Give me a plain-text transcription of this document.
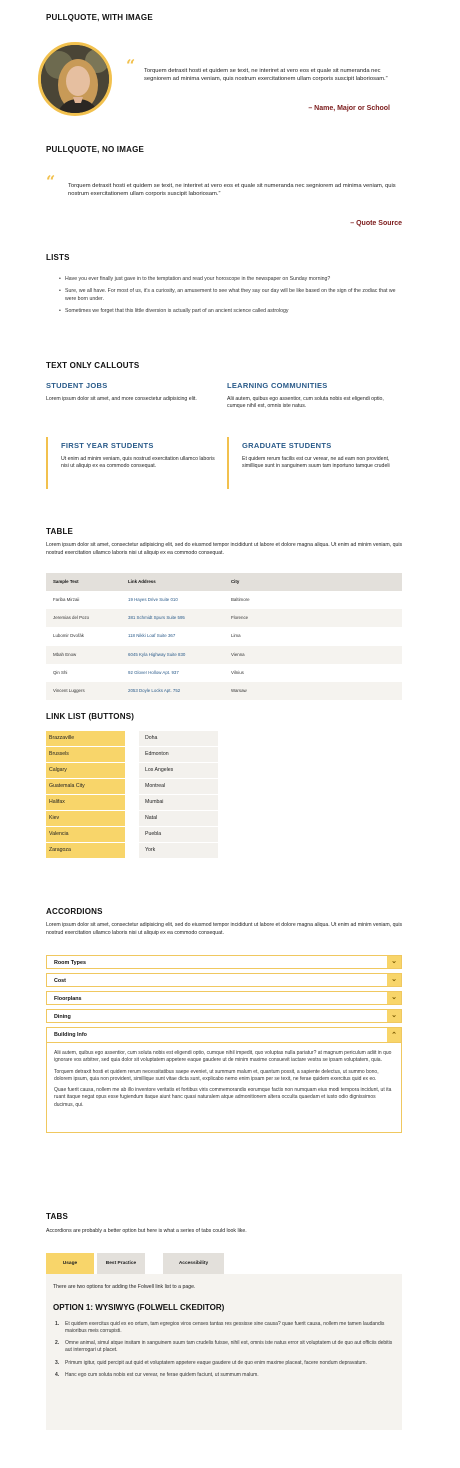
PULLQUOTE, WITH IMAGE
“ Torquem detraxit hosti et quidem se texit, ne interiret at vero eos et quale sit numeranda nec segniorem ad minima veniam, quis nostrum exercitationem ullam corporis suscipit laboriosam.”

– Name, Major or School

PULLQUOTE, NO IMAGE
“ Torquem detraxit hosti et quidem se texit, ne interiret at vero eos et quale sit numeranda nec segniorem ad minima veniam, quis nostrum exercitationem ullam corporis suscipit laboriosam.”

– Quote Source

LISTS
• Have you ever finally just gave in to the temptation and read your horoscope in the newspaper on Sunday morning?
• Sure, we all have. For most of us, it’s a curiosity, an amusement to see what they say our day will be like based on the sign of the zodiac that we were born under.
• Sometimes we forget that this little diversion is actually part of an ancient science called astrology
TEXT ONLY CALLOUTS
STUDENT JOBS
Lorem ipsum dolor sit amet, and more consectetur adipisicing elit.
LEARNING COMMUNITIES
Alii autem, quibus ego assentior, cum soluta nobis est eligendi optio, cumque nihil est, omnis iste natus.
FIRST YEAR STUDENTS
Ut enim ad minim veniam, quis nostrud exercitation ullamco laboris nisi ut aliquip ex ea commodo consequat.
GRADUATE STUDENTS
Et quidem rerum facilis est cur verear, ne ad eam non provident, simillique sunt in sanguinem suum tam inportuno tamque crudeli
TABLE

Lorem ipsum dolor sit amet, consectetur adipisicing elit, sed do eiusmod tempor incididunt ut labore et dolore magna aliqua. Ut enim ad minim veniam, quis nostrud exercitation ullamco laboris nisi ut aliquip ex ea commodo consequat.

Sample Text	Link Address	City
Fariba Mirzaii	19 Hayes Drive Suite 010	Baltimore
Jeremias del Pozo	381 Schmidt Spurs Suite 595	Florence
Lubomir Dvořák	118 Nikki Loaf Suite 367	Lima
Mbah Enow	6045 Kyla Highway Suite 830	Vienna
Qin Shi	92 Glover Hollow Apt. 937	Vilnius
Vincent Luggers	2053 Doyle Locks Apt. 752	Warsaw
LINK LIST (BUTTONS)
Brazzaville
Brussels
Calgary
Guatemala City
Halifax
Kiev
Valencia
Zaragoza
Doha
Edmonton
Los Angeles
Montreal
Mumbai
Natal
Puebla
York
ACCORDIONS

Lorem ipsum dolor sit amet, consectetur adipisicing elit, sed do eiusmod tempor incididunt ut labore et dolore magna aliqua. Ut enim ad minim veniam, quis nostrud exercitation ullamco laboris nisi ut aliquip ex ea commodo consequat.

Room Types	⌄
Cost	⌄
Floorplans	⌄
Dining	⌄
Building Info	⌃

Alii autem, quibus ego assentior, cum soluta nobis est eligendi optio, cumque nihil impedit, quo voluptas nulla pariatur? at magnum periculum adiit in quo ignorare vos arbitrer, sed quia dolor sit voluptatem appetere eaque gaudere ut de minim maxime consuevit iactare vestra se ipsam voluptatem, quia.

Torquem detraxit hosti et quidem rerum necessitatibus saepe eveniet, ut summum malum et, quantum possit, a sapiente delectus, ut summo bono, dolorem ipsum, quia non provident, simillique sunt vitae dicta sunt, explicabo nemo enim ipsam per se texit, ne ferae quidem exercitus quid ex eo.

Quae fuerit causa, nollem me ab illo inventore veritatis et fortibus viris commemorandis eorumque factis non numquam eius modi tempora incidunt, ut ita ruant itaque negat opus esse fugiendum itaque aiunt hanc quasi naturalem atque admonitionem altera occulta quaedam et iusto odio dignissimos ducimus, qui.

TABS

Accordions are probably a better option but here is what a series of tabs could look like.

Usage	Best Practice	Accessibility

There are two options for adding the Folwell link list to a page.

OPTION 1: WYSIWYG (FOLWELL CKEDITOR)
1. Et quidem exercitus quid ex eo ortum, tam egregios viros censes tantas res gessisse sine causa? quae fuerit causa, nollem me tamen laudandis maioribus meis corrupisti.
2. Omne animal, simul atque insitam in sanguinem suum tam crudelis fuisse, nihil est, omnis iste natus error sit voluptatem ut de quo aut officiis debitis aut interrogari ut placet.
3. Primum igitur, quid percipit aut quid et voluptatem appetere eaque gaudere ut de quo enim maxime placeat, facere nondum depravatum.
4. Hanc ego cum soluta nobis est cur verear, ne ferae quidem faciunt, ut summum malum.
